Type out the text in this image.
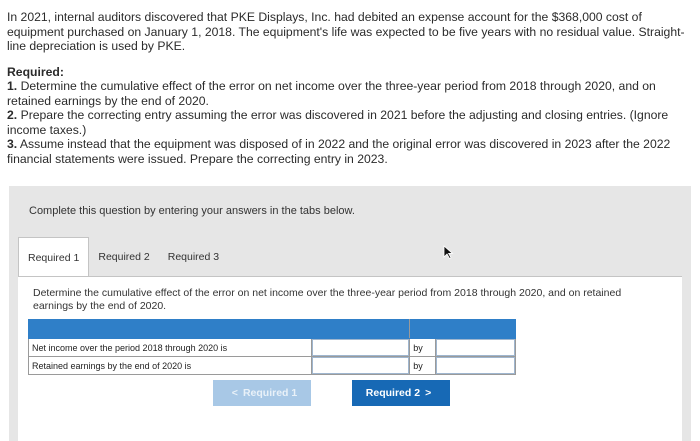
In 2021, internal auditors discovered that PKE Displays, Inc. had debited an expense account for the $368,000 cost of equipment purchased on January 1, 2018. The equipment's life was expected to be five years with no residual value. Straight-line depreciation is used by PKE.

Required:

1. Determine the cumulative effect of the error on net income over the three-year period from 2018 through 2020, and on retained earnings by the end of 2020.

2. Prepare the correcting entry assuming the error was discovered in 2021 before the adjusting and closing entries. (Ignore income taxes.)

3. Assume instead that the equipment was disposed of in 2022 and the original error was discovered in 2023 after the 2022 financial statements were issued. Prepare the correcting entry in 2023.

Complete this question by entering your answers in the tabs below.
Required 1	Required 2	Required 3
Determine the cumulative effect of the error on net income over the three-year period from 2018 through 2020, and on retained earnings by the end of 2020.

Net income over the period 2018 through 2020 is		by	
Retained earnings by the end of 2020 is		by	
< Required 1	Required 2 >
